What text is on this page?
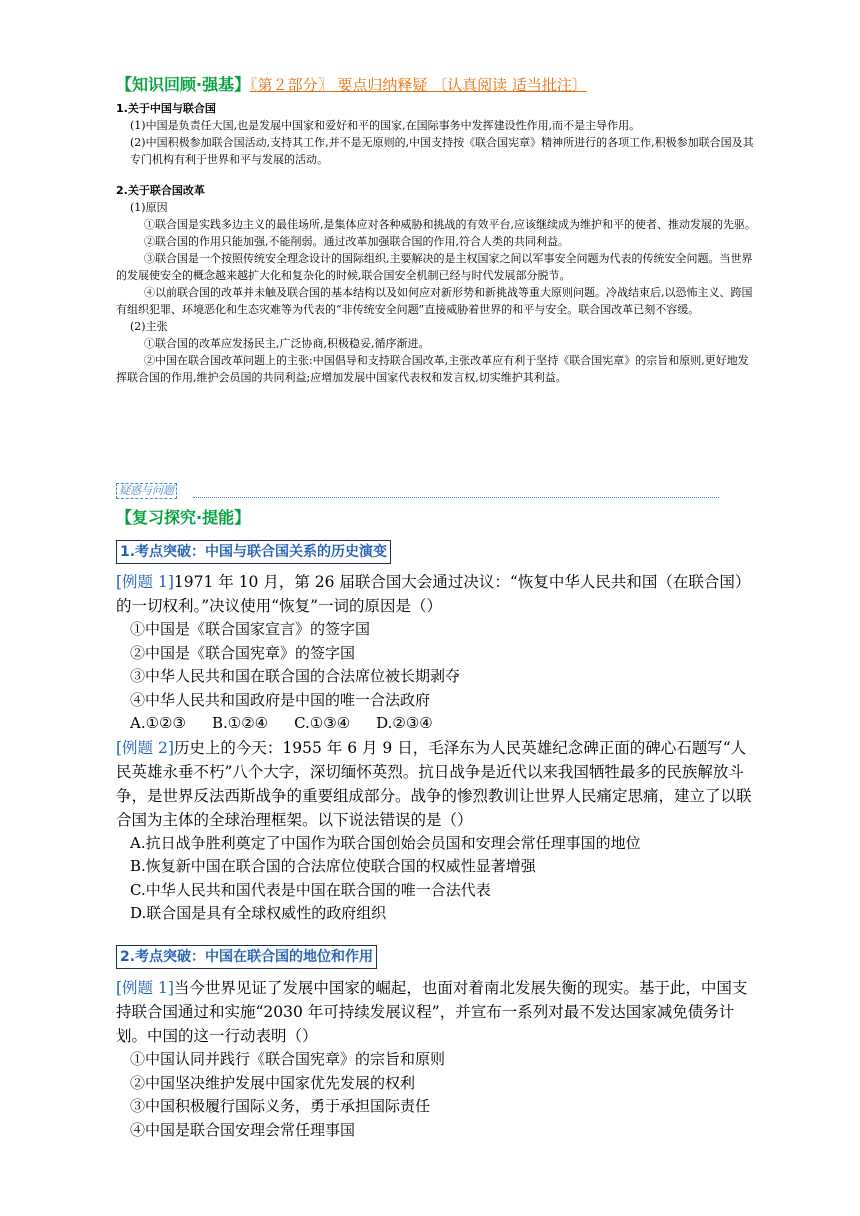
【知识回顾·强基】〖第２部分〗 要点归纳释疑 〔认真阅读 适当批注〕

1.关于中国与联合国

(1)中国是负责任大国,也是发展中国家和爱好和平的国家,在国际事务中发挥建设性作用,而不是主导作用。

(2)中国积极参加联合国活动,支持其工作,并不是无原则的,中国支持按《联合国宪章》精神所进行的各项工作,积极参加联合国及其专门机构有利于世界和平与发展的活动。

2.关于联合国改革

(1)原因

①联合国是实践多边主义的最佳场所,是集体应对各种威胁和挑战的有效平台,应该继续成为维护和平的使者、推动发展的先驱。

②联合国的作用只能加强,不能削弱。通过改革加强联合国的作用,符合人类的共同利益。

③联合国是一个按照传统安全理念设计的国际组织,主要解决的是主权国家之间以军事安全问题为代表的传统安全问题。当世界的发展使安全的概念越来越扩大化和复杂化的时候,联合国安全机制已经与时代发展部分脱节。

④以前联合国的改革并未触及联合国的基本结构以及如何应对新形势和新挑战等重大原则问题。冷战结束后,以恐怖主义、跨国有组织犯罪、环境恶化和生态灾难等为代表的“非传统安全问题”直接威胁着世界的和平与安全。联合国改革已刻不容缓。

(2)主张

①联合国的改革应发扬民主,广泛协商,积极稳妥,循序渐进。

②中国在联合国改革问题上的主张:中国倡导和支持联合国改革,主张改革应有利于坚持《联合国宪章》的宗旨和原则,更好地发挥联合国的作用,维护会员国的共同利益;应增加发展中国家代表权和发言权,切实维护其利益。

疑惑与问题
【复习探究·提能】
1.考点突破：中国与联合国关系的历史演变

[例题 1]1971 年 10 月，第 26 届联合国大会通过决议：“恢复中华人民共和国（在联合国）的一切权利。”决议使用“恢复”一词的原因是（）

①中国是《联合国家宣言》的签字国

②中国是《联合国宪章》的签字国

③中华人民共和国在联合国的合法席位被长期剥夺

④中华人民共和国政府是中国的唯一合法政府

A.①②③ B.①②④ C.①③④ D.②③④

[例题 2]历史上的今天：1955 年 6 月 9 日，毛泽东为人民英雄纪念碑正面的碑心石题写“人民英雄永垂不朽”八个大字，深切缅怀英烈。抗日战争是近代以来我国牺牲最多的民族解放斗争，是世界反法西斯战争的重要组成部分。战争的惨烈教训让世界人民痛定思痛，建立了以联合国为主体的全球治理框架。以下说法错误的是（）

A.抗日战争胜利奠定了中国作为联合国创始会员国和安理会常任理事国的地位

B.恢复新中国在联合国的合法席位使联合国的权威性显著增强

C.中华人民共和国代表是中国在联合国的唯一合法代表

D.联合国是具有全球权威性的政府组织

2.考点突破：中国在联合国的地位和作用

[例题 1]当今世界见证了发展中国家的崛起，也面对着南北发展失衡的现实。基于此，中国支持联合国通过和实施“2030 年可持续发展议程”，并宣布一系列对最不发达国家减免债务计划。中国的这一行动表明（）

①中国认同并践行《联合国宪章》的宗旨和原则

②中国坚决维护发展中国家优先发展的权利

③中国积极履行国际义务，勇于承担国际责任

④中国是联合国安理会常任理事国
